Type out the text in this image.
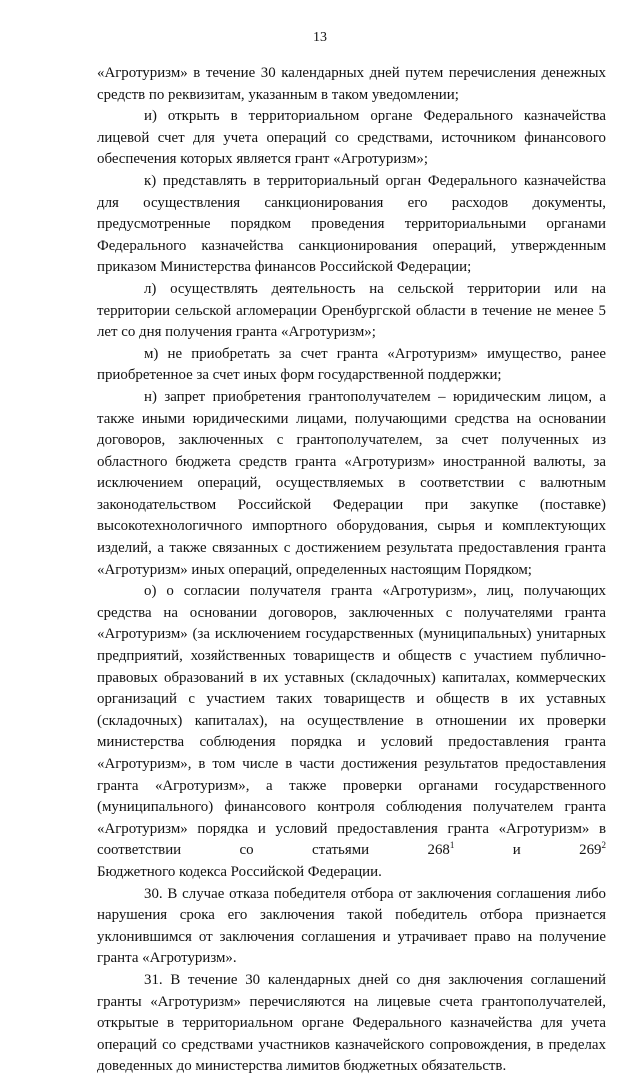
13

«Агротуризм» в течение 30 календарных дней путем перечисления денежных средств по реквизитам, указанным в таком уведомлении;

и) открыть в территориальном органе Федерального казначейства лицевой счет для учета операций со средствами, источником финансового обеспечения которых является грант «Агротуризм»;

к) представлять в территориальный орган Федерального казначейства для осуществления санкционирования его расходов документы, предусмотренные порядком проведения территориальными органами Федерального казначейства санкционирования операций, утвержденным приказом Министерства финансов Российской Федерации;

л) осуществлять деятельность на сельской территории или на территории сельской агломерации Оренбургской области в течение не менее 5 лет со дня получения гранта «Агротуризм»;

м) не приобретать за счет гранта «Агротуризм» имущество, ранее приобретенное за счет иных форм государственной поддержки;

н) запрет приобретения грантополучателем – юридическим лицом, а также иными юридическими лицами, получающими средства на основании договоров, заключенных с грантополучателем, за счет полученных из областного бюджета средств гранта «Агротуризм» иностранной валюты, за исключением операций, осуществляемых в соответствии с валютным законодательством Российской Федерации при закупке (поставке) высокотехнологичного импортного оборудования, сырья и комплектующих изделий, а также связанных с достижением результата предоставления гранта «Агротуризм» иных операций, определенных настоящим Порядком;

о) о согласии получателя гранта «Агротуризм», лиц, получающих средства на основании договоров, заключенных с получателями гранта «Агротуризм» (за исключением государственных (муниципальных) унитарных предприятий, хозяйственных товариществ и обществ с участием публично-правовых образований в их уставных (складочных) капиталах, коммерческих организаций с участием таких товариществ и обществ в их уставных (складочных) капиталах), на осуществление в отношении их проверки министерства соблюдения порядка и условий предоставления гранта «Агротуризм», в том числе в части достижения результатов предоставления гранта «Агротуризм», а также проверки органами государственного (муниципального) финансового контроля соблюдения получателем гранта «Агротуризм» порядка и условий предоставления гранта «Агротуризм» в соответствии со статьями $268^1$ и $269^2$

Бюджетного кодекса Российской Федерации.

30. В случае отказа победителя отбора от заключения соглашения либо нарушения срока его заключения такой победитель отбора признается уклонившимся от заключения соглашения и утрачивает право на получение гранта «Агротуризм».

31. В течение 30 календарных дней со дня заключения соглашений гранты «Агротуризм» перечисляются на лицевые счета грантополучателей, открытые в территориальном органе Федерального казначейства для учета операций со средствами участников казначейского сопровождения, в пределах доведенных до министерства лимитов бюджетных обязательств.
